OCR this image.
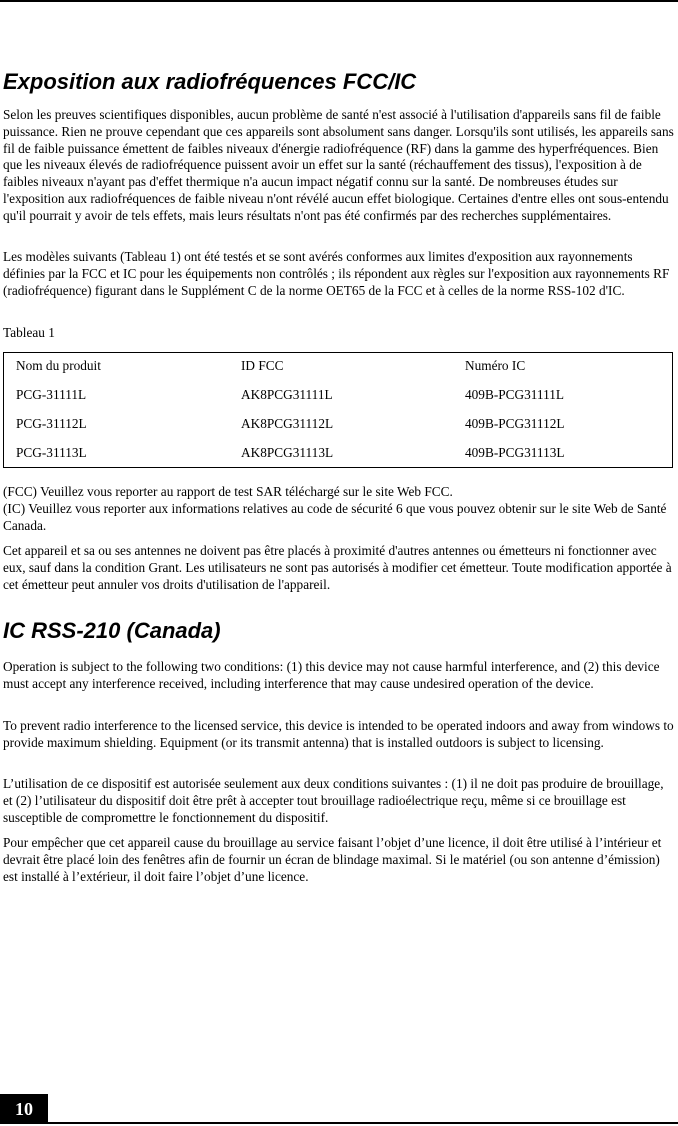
Exposition aux radiofréquences FCC/IC

Selon les preuves scientifiques disponibles, aucun problème de santé n'est associé à l'utilisation d'appareils sans fil de faible puissance. Rien ne prouve cependant que ces appareils sont absolument sans danger. Lorsqu'ils sont utilisés, les appareils sans fil de faible puissance émettent de faibles niveaux d'énergie radiofréquence (RF) dans la gamme des hyperfréquences. Bien que les niveaux élevés de radiofréquence puissent avoir un effet sur la santé (réchauffement des tissus), l'exposition à de faibles niveaux n'ayant pas d'effet thermique n'a aucun impact négatif connu sur la santé. De nombreuses études sur l'exposition aux radiofréquences de faible niveau n'ont révélé aucun effet biologique. Certaines d'entre elles ont sous-entendu qu'il pourrait y avoir de tels effets, mais leurs résultats n'ont pas été confirmés par des recherches supplémentaires.

Les modèles suivants (Tableau 1) ont été testés et se sont avérés conformes aux limites d'exposition aux rayonnements définies par la FCC et IC pour les équipements non contrôlés ; ils répondent aux règles sur l'exposition aux rayonnements RF (radiofréquence) figurant dans le Supplément C de la norme OET65 de la FCC et à celles de la norme RSS-102 d'IC.

Tableau 1

Nom du produit	ID FCC	Numéro IC
PCG-31111L	AK8PCG31111L	409B-PCG31111L
PCG-31112L	AK8PCG31112L	409B-PCG31112L
PCG-31113L	AK8PCG31113L	409B-PCG31113L

(FCC) Veuillez vous reporter au rapport de test SAR téléchargé sur le site Web FCC.

(IC) Veuillez vous reporter aux informations relatives au code de sécurité 6 que vous pouvez obtenir sur le site Web de Santé Canada.

Cet appareil et sa ou ses antennes ne doivent pas être placés à proximité d'autres antennes ou émetteurs ni fonctionner avec eux, sauf dans la condition Grant. Les utilisateurs ne sont pas autorisés à modifier cet émetteur. Toute modification apportée à cet émetteur peut annuler vos droits d'utilisation de l'appareil.

IC RSS-210 (Canada)

Operation is subject to the following two conditions: (1) this device may not cause harmful interference, and (2) this device must accept any interference received, including interference that may cause undesired operation of the device.

To prevent radio interference to the licensed service, this device is intended to be operated indoors and away from windows to provide maximum shielding. Equipment (or its transmit antenna) that is installed outdoors is subject to licensing.

L’utilisation de ce dispositif est autorisée seulement aux deux conditions suivantes : (1) il ne doit pas produire de brouillage, et (2) l’utilisateur du dispositif doit être prêt à accepter tout brouillage radioélectrique reçu, même si ce brouillage est susceptible de compromettre le fonctionnement du dispositif.

Pour empêcher que cet appareil cause du brouillage au service faisant l’objet d’une licence, il doit être utilisé à l’intérieur et devrait être placé loin des fenêtres afin de fournir un écran de blindage maximal. Si le matériel (ou son antenne d’émission) est installé à l’extérieur, il doit faire l’objet d’une licence.

10
